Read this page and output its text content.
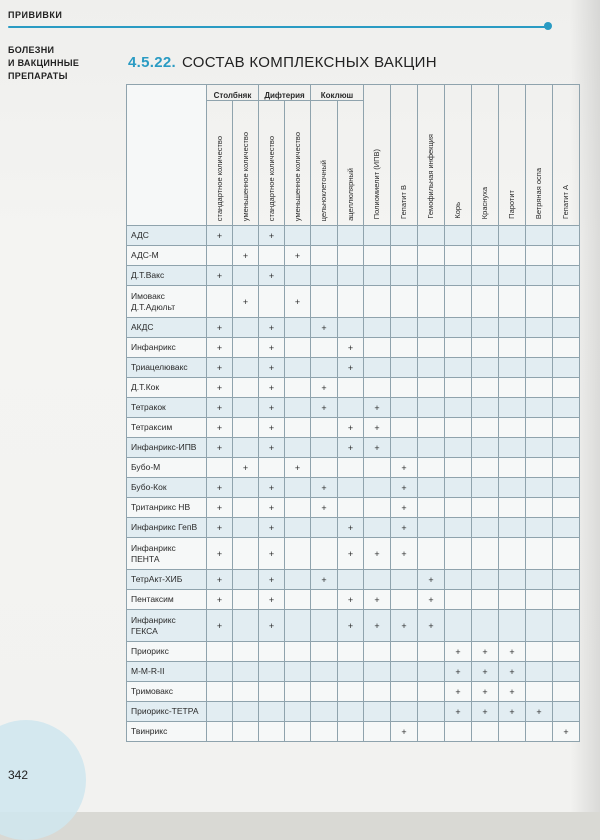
ПРИВИВКИ
БОЛЕЗНИ
И ВАКЦИННЫЕ
ПРЕПАРАТЫ
4.5.22. СОСТАВ КОМПЛЕКСНЫХ ВАКЦИН
	Столбняк		Дифтерия		Коклюш		Полиомиелит (ИПВ)	Гепатит B	Гемофильная инфекция	Корь	Краснуха	Паротит	Ветряная оспа	Гепатит A

	стандартное количество	уменьшенное количество	стандартное количество	уменьшенное количество	цельноклеточный	ацеллюлярный								

АДС	+		+											
АДС-М		+		+										
Д.Т.Вакс	+		+											
Имовакс
Д.Т.Адюльт		+		+										
АКДС	+		+		+									
Инфанрикс	+		+			+								
Триацелювакс	+		+			+								
Д.Т.Кок	+		+		+									
Тетракок	+		+		+		+							
Тетраксим	+		+			+	+							
Инфанрикс-ИПВ	+		+			+	+							
Бубо-М		+		+				+						
Бубо-Кок	+		+		+			+						
Тританрикс НВ	+		+		+			+						
Инфанрикс ГепВ	+		+			+		+						
Инфанрикс
ПЕНТА	+		+			+	+	+						
ТетрАкт-ХИБ	+		+		+				+					
Пентаксим	+		+			+	+		+					
Инфанрикс
ГЕКСА	+		+			+	+	+	+					
Приорикс										+	+	+		
М-М-R-II										+	+	+		
Тримовакс										+	+	+		
Приорикс-ТЕТРА										+	+	+	+	
Твинрикс								+						+
342
